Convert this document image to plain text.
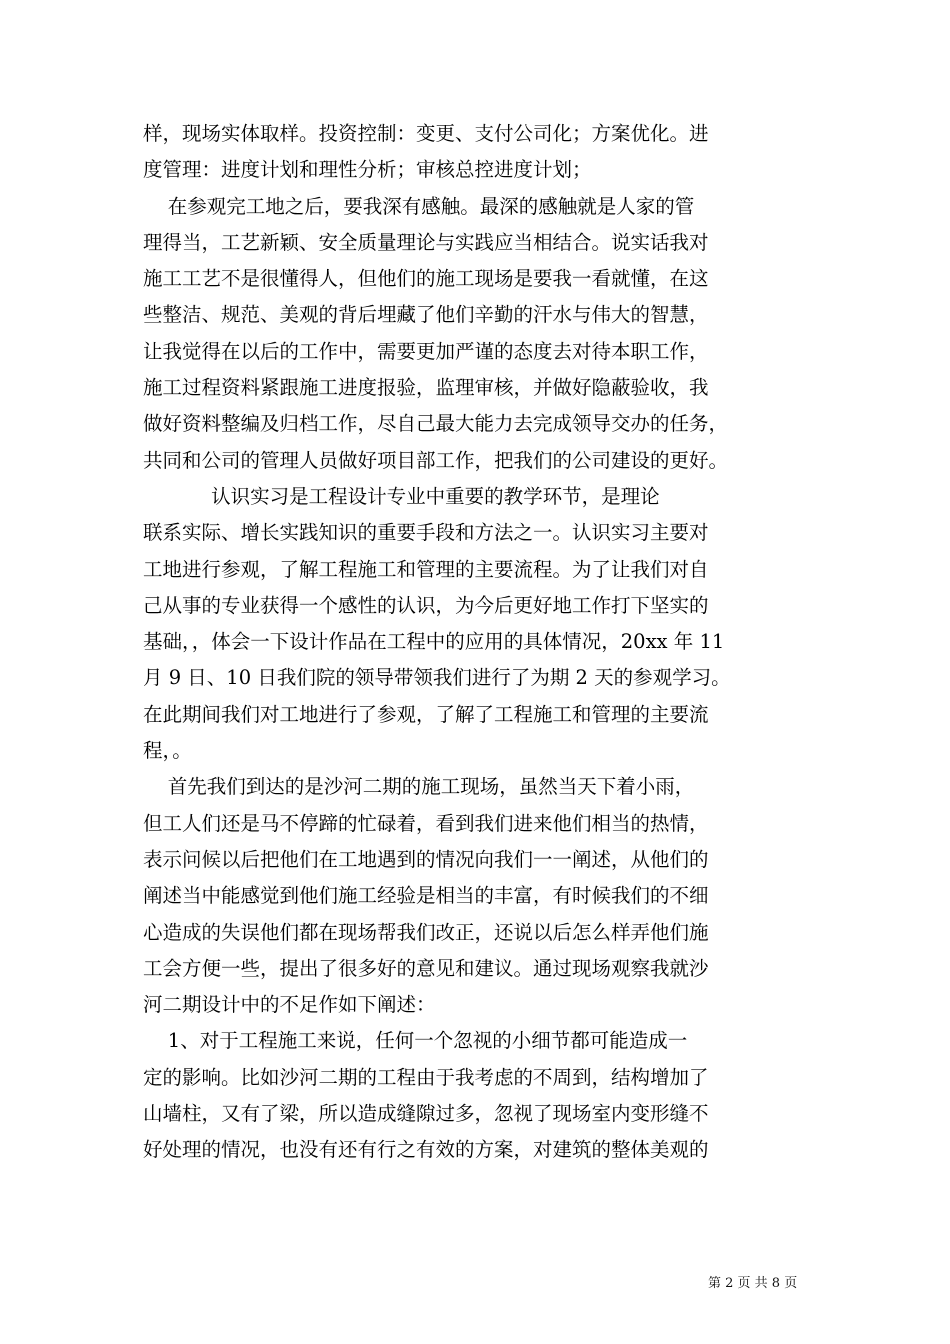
样，现场实体取样。投资控制：变更、支付公司化；方案优化。进
度管理：进度计划和理性分析；审核总控进度计划；
在参观完工地之后，要我深有感触。最深的感触就是人家的管
理得当，工艺新颖、安全质量理论与实践应当相结合。说实话我对
施工工艺不是很懂得人，但他们的施工现场是要我一看就懂，在这
些整洁、规范、美观的背后埋藏了他们辛勤的汗水与伟大的智慧，
让我觉得在以后的工作中，需要更加严谨的态度去对待本职工作，
施工过程资料紧跟施工进度报验，监理审核，并做好隐蔽验收，我
做好资料整编及归档工作，尽自己最大能力去完成领导交办的任务，
共同和公司的管理人员做好项目部工作，把我们的公司建设的更好。
认识实习是工程设计专业中重要的教学环节，是理论
联系实际、增长实践知识的重要手段和方法之一。认识实习主要对
工地进行参观，了解工程施工和管理的主要流程。为了让我们对自
己从事的专业获得一个感性的认识，为今后更好地工作打下坚实的
基础，，体会一下设计作品在工程中的应用的具体情况，20xx 年 11
月 9 日、10 日我们院的领导带领我们进行了为期 2 天的参观学习。
在此期间我们对工地进行了参观，了解了工程施工和管理的主要流
程，。
首先我们到达的是沙河二期的施工现场，虽然当天下着小雨，
但工人们还是马不停蹄的忙碌着，看到我们进来他们相当的热情，
表示问候以后把他们在工地遇到的情况向我们一一阐述，从他们的
阐述当中能感觉到他们施工经验是相当的丰富，有时候我们的不细
心造成的失误他们都在现场帮我们改正，还说以后怎么样弄他们施
工会方便一些，提出了很多好的意见和建议。通过现场观察我就沙
河二期设计中的不足作如下阐述：
1、对于工程施工来说，任何一个忽视的小细节都可能造成一
定的影响。比如沙河二期的工程由于我考虑的不周到，结构增加了
山墙柱，又有了梁，所以造成缝隙过多，忽视了现场室内变形缝不
好处理的情况，也没有还有行之有效的方案，对建筑的整体美观的
第 2 页 共 8 页
